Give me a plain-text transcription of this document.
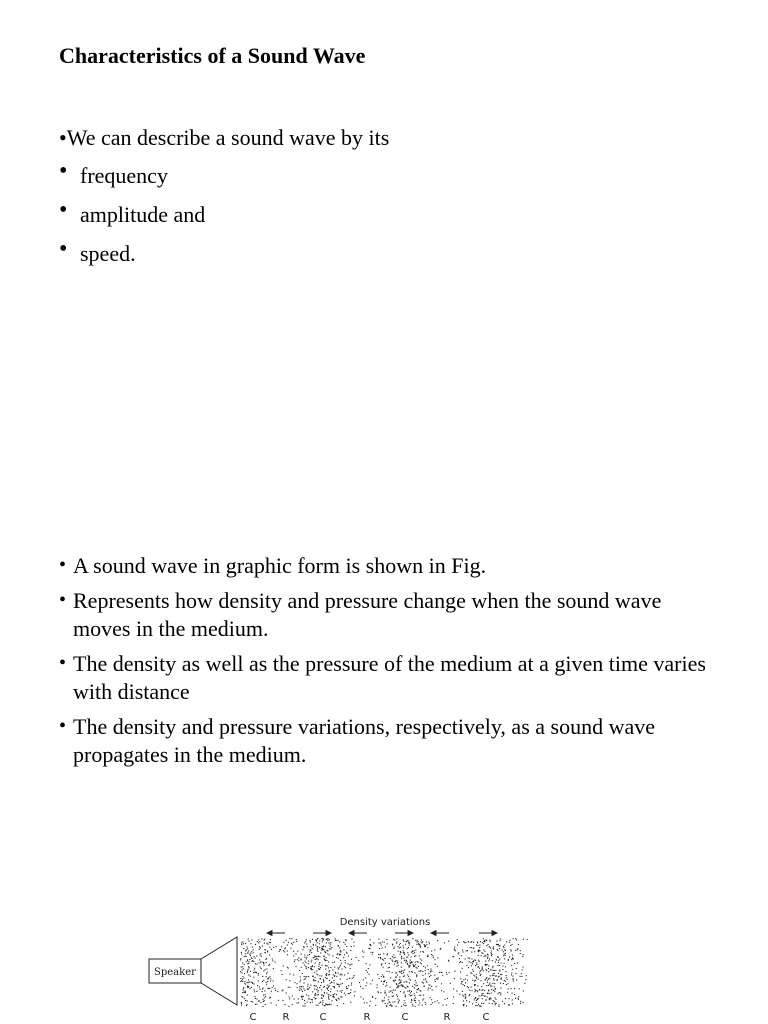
Characteristics of a Sound Wave

•We can describe a sound wave by its

• frequency
• amplitude and
• speed.
• A sound wave in graphic form is shown in Fig.
• Represents how density and pressure change when the sound wave moves in the medium.
• The density as well as the pressure of the medium at a given time varies with distance
• The density and pressure variations, respectively, as a sound wave propagates in the medium.
Density variations
Speaker
C	R	C	R	C	R	C
